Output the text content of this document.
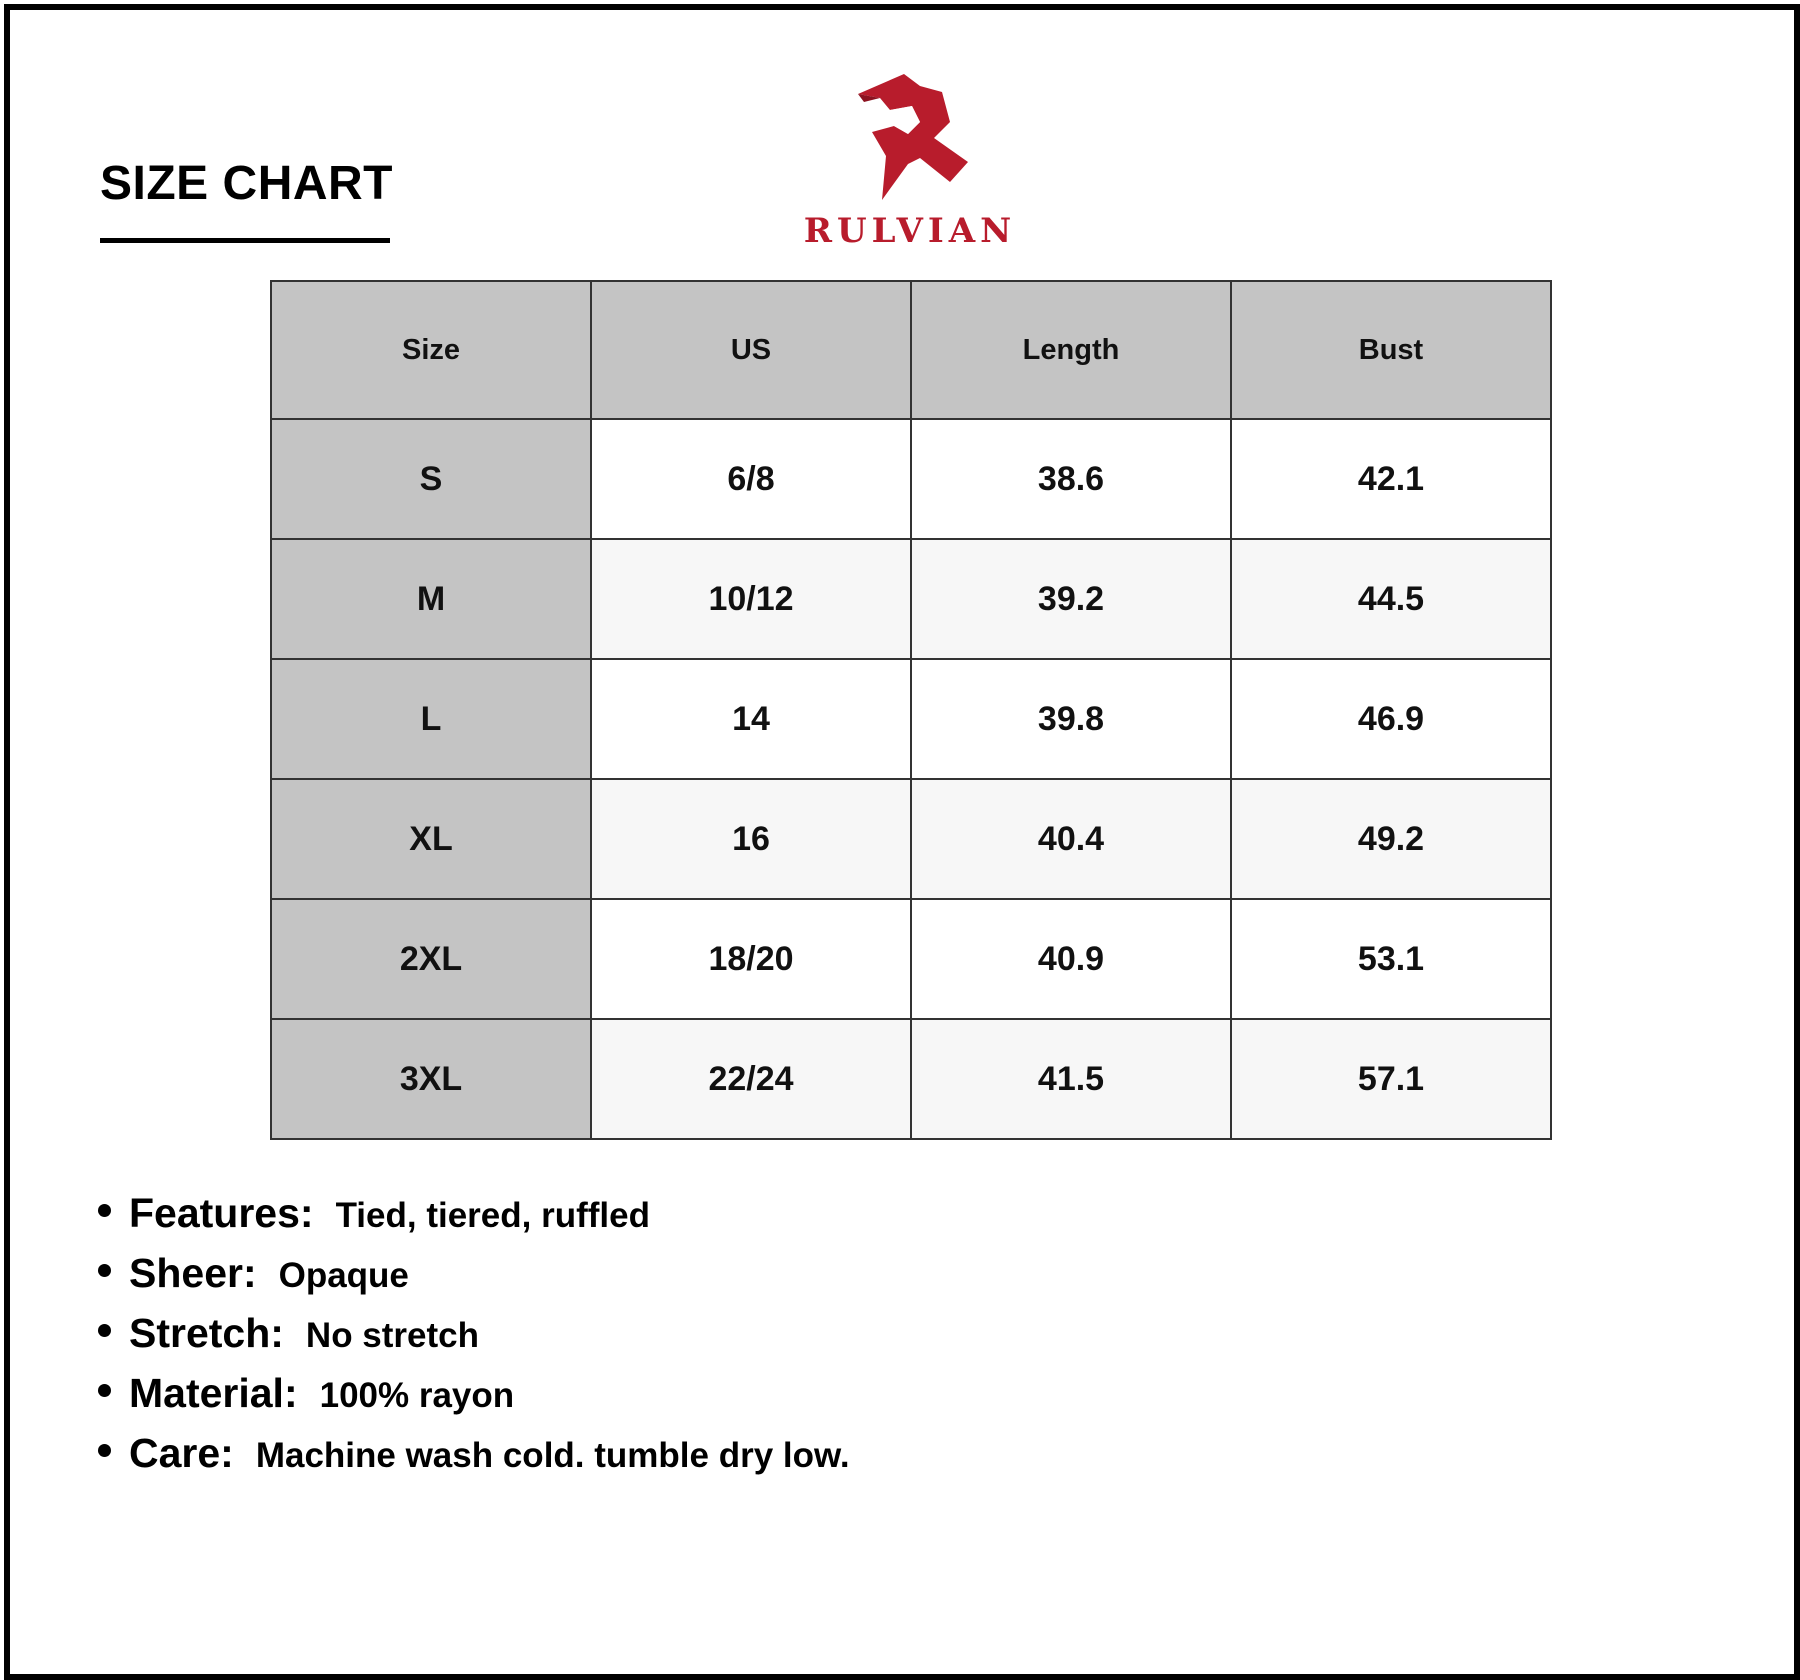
SIZE CHART
RULVIAN
Size	US	Length	Bust
S	6/8	38.6	42.1
M	10/12	39.2	44.5
L	14	39.8	46.9
XL	16	40.4	49.2
2XL	18/20	40.9	53.1
3XL	22/24	41.5	57.1
Features: Tied, tiered, ruffled
Sheer: Opaque
Stretch: No stretch
Material: 100% rayon
Care: Machine wash cold. tumble dry low.
